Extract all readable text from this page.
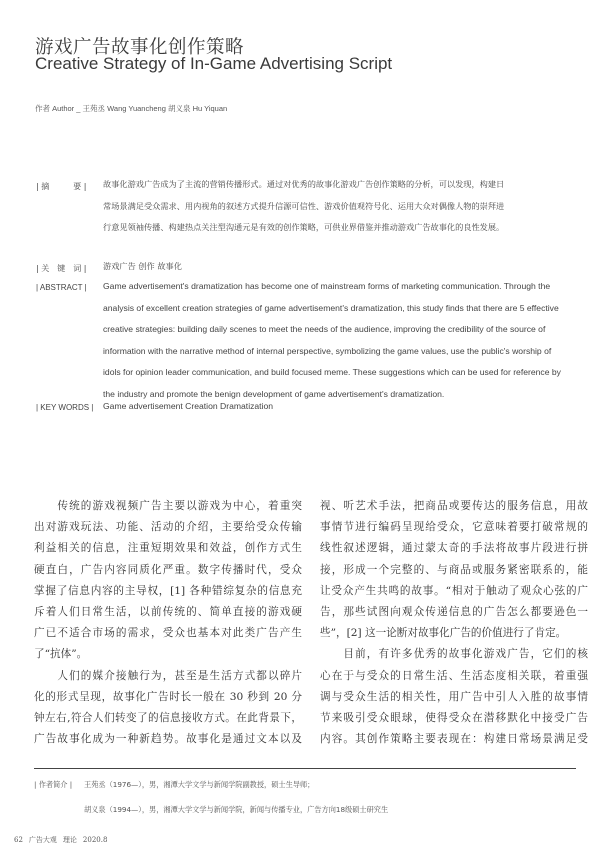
游戏广告故事化创作策略
Creative Strategy of In-Game Advertising Script
作者 Author _ 王苑丞 Wang Yuancheng 胡义泉 Hu Yiquan
| 摘　　　要 | 故事化游戏广告成为了主流的营销传播形式。通过对优秀的故事化游戏广告创作策略的分析，可以发现，构建日
常场景满足受众需求、用内视角的叙述方式提升信源可信性、游戏价值观符号化、运用大众对偶像人物的崇拜进
行意见领袖传播、构建热点关注型沟通元是有效的创作策略，可供业界借鉴并推动游戏广告故事化的良性发展。
| 关　键　词 | 游戏广告 创作 故事化
| ABSTRACT | Game advertisement's dramatization has become one of mainstream forms of marketing communication. Through the
analysis of excellent creation strategies of game advertisement's dramatization, this study finds that there are 5 effective
creative strategies: building daily scenes to meet the needs of the audience, improving the credibility of the source of
information with the narrative method of internal perspective, symbolizing the game values, use the public's worship of
idols for opinion leader communication, and build focused meme. These suggestions which can be used for reference by
the industry and promote the benign development of game advertisement's dramatization.
| KEY WORDS | Game advertisement Creation Dramatization
　　传统的游戏视频广告主要以游戏为中心，着重突
出对游戏玩法、功能、活动的介绍，主要给受众传输
利益相关的信息，注重短期效果和效益，创作方式生
硬直白，广告内容同质化严重。数字传播时代，受众
掌握了信息内容的主导权，[1] 各种错综复杂的信息充
斥着人们日常生活，以前传统的、简单直接的游戏硬
广已不适合市场的需求，受众也基本对此类广告产生
了“抗体”。
　　人们的媒介接触行为，甚至是生活方式都以碎片
化的形式呈现，故事化广告时长一般在 30 秒到 20 分
钟左右,符合人们转变了的信息接收方式。在此背景下，
广告故事化成为一种新趋势。故事化是通过文本以及
视、听艺术手法，把商品或要传达的服务信息，用故
事情节进行编码呈现给受众，它意味着要打破常规的
线性叙述逻辑，通过蒙太奇的手法将故事片段进行拼
接，形成一个完整的、与商品或服务紧密联系的，能
让受众产生共鸣的故事。“相对于触动了观众心弦的广
告，那些试图向观众传递信息的广告怎么都要逊色一
些”，[2] 这一论断对故事化广告的价值进行了肯定。
　　目前，有许多优秀的故事化游戏广告，它们的核
心在于与受众的日常生活、生活态度相关联，着重强
调与受众生活的相关性，用广告中引人入胜的故事情
节来吸引受众眼球，使得受众在潜移默化中接受广告
内容。其创作策略主要表现在：构建日常场景满足受
| 作者简介 | 王苑丞（1976—），男，湘潭大学文学与新闻学院副教授，硕士生导师；
胡义泉（1994—），男，湘潭大学文学与新闻学院，新闻与传播专业，广告方向18级硕士研究生
62 广告大观 理论 2020.8
